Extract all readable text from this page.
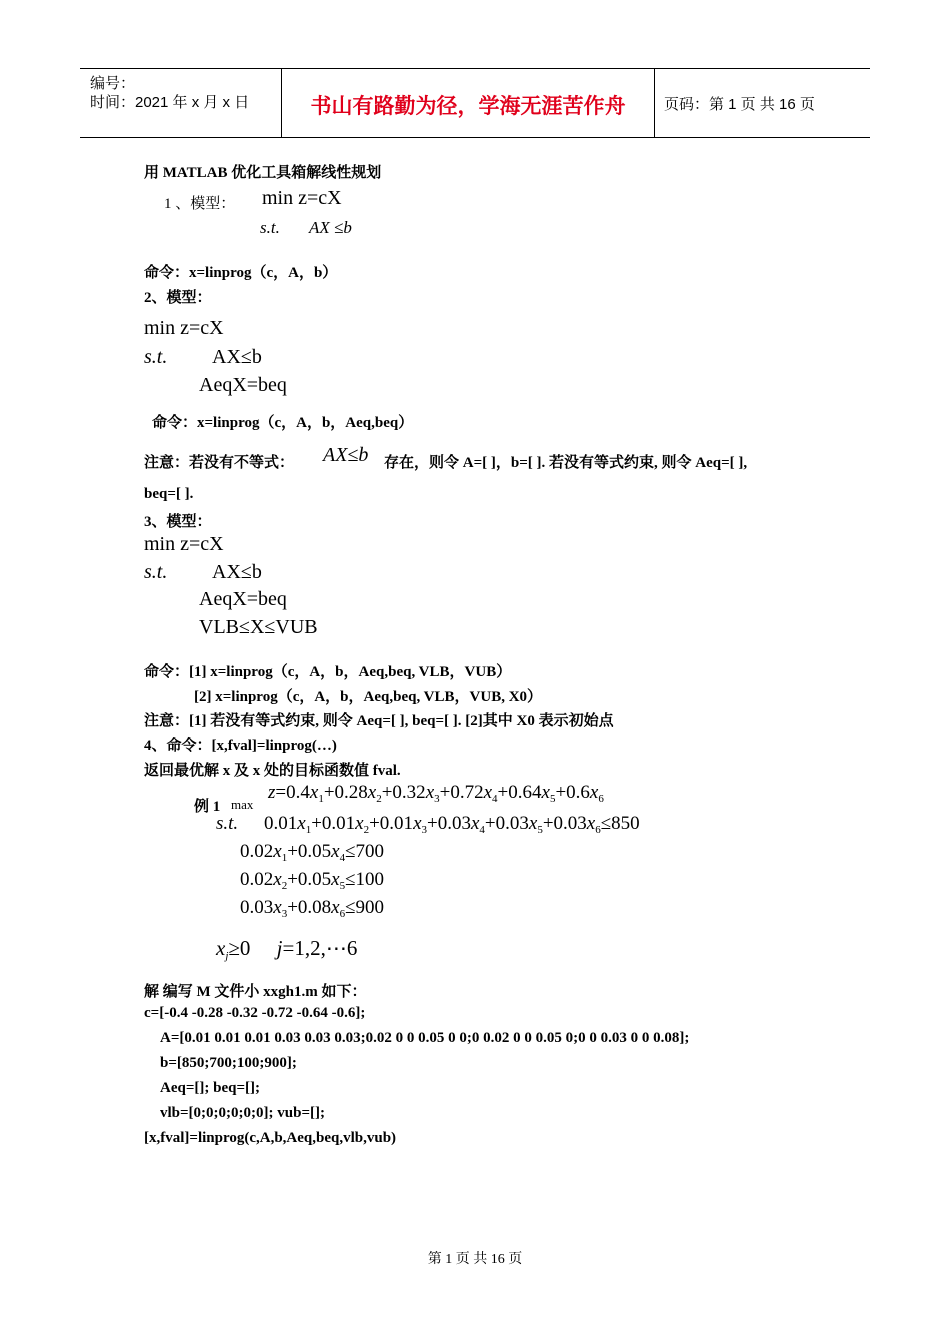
编号：
时间：2021 年 x 月 x 日	书山有路勤为径，学海无涯苦作舟	页码：第 1 页 共 16 页
用 MATLAB 优化工具箱解线性规划
1 、模型： min z=cX
s.t. AX ≤b
命令：x=linprog（c，A，b）
2、模型：
min z=cX
s.t. AX≤b
AeqX=beq
命令：x=linprog（c，A，b，Aeq,beq）
注意：若没有不等式： AX≤b 存在，则令 A=[ ]，b=[ ]. 若没有等式约束, 则令 Aeq=[ ],
beq=[ ].
3、模型：
min z=cX
s.t. AX≤b
AeqX=beq
VLB≤X≤VUB
命令：[1] x=linprog（c，A，b，Aeq,beq, VLB，VUB）
[2] x=linprog（c，A，b，Aeq,beq, VLB，VUB, X0）
注意：[1] 若没有等式约束, 则令 Aeq=[ ], beq=[ ]. [2]其中 X0 表示初始点
4、命令：[x,fval]=linprog(…)
返回最优解 x 及 x 处的目标函数值 fval.
例 1 max
$z=0.4x_1+0.28x_2+0.32x_3+0.72x_4+0.64x_5+0.6x_6$
s.t. $0.01x_1+0.01x_2+0.01x_3+0.03x_4+0.03x_5+0.03x_6\le 850$
$0.02x_1+0.05x_4\le 700$
$0.02x_2+0.05x_5\le 100$
$0.03x_3+0.08x_6\le 900$
$x_j\ge 0$     j=1,2,⋯6
解 编写 M 文件小 xxgh1.m 如下：
c=[-0.4 -0.28 -0.32 -0.72 -0.64 -0.6];
A=[0.01 0.01 0.01 0.03 0.03 0.03;0.02 0 0 0.05 0 0;0 0.02 0 0 0.05 0;0 0 0.03 0 0 0.08];
b=[850;700;100;900];
Aeq=[]; beq=[];
vlb=[0;0;0;0;0;0]; vub=[];
[x,fval]=linprog(c,A,b,Aeq,beq,vlb,vub)
第 1 页 共 16 页
